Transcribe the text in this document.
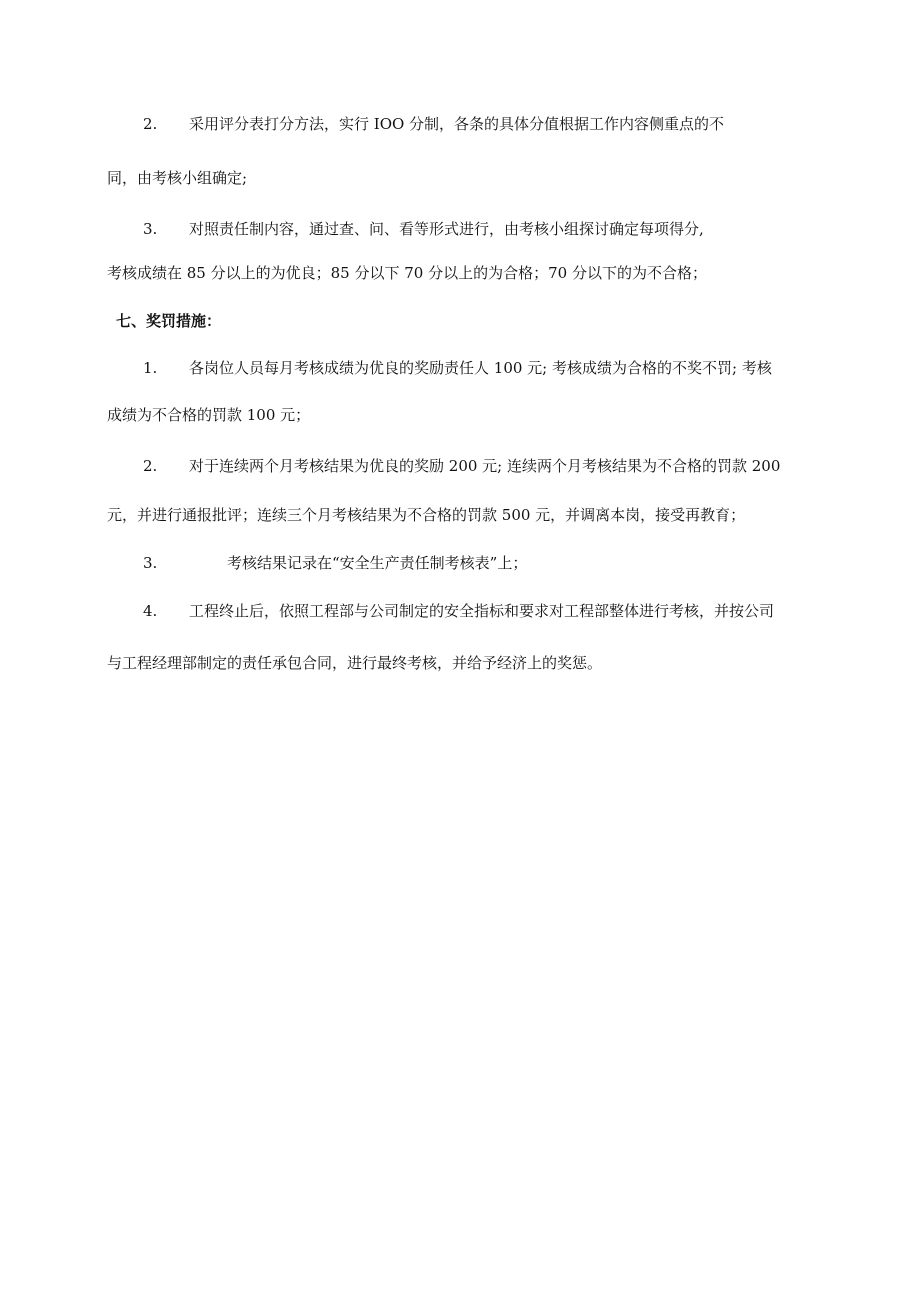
2. 采用评分表打分方法，实行 IOO 分制，各条的具体分值根据工作内容侧重点的不
同，由考核小组确定;
3. 对照责任制内容，通过查、问、看等形式进行，由考核小组探讨确定每项得分,
考核成绩在 85 分以上的为优良；85 分以下 70 分以上的为合格；70 分以下的为不合格；
七、奖罚措施：
1. 各岗位人员每月考核成绩为优良的奖励责任人 100 元; 考核成绩为合格的不奖不罚; 考核
成绩为不合格的罚款 100 元；
2. 对于连续两个月考核结果为优良的奖励 200 元; 连续两个月考核结果为不合格的罚款 200
元，并进行通报批评；连续三个月考核结果为不合格的罚款 500 元，并调离本岗，接受再教育；
3.	考核结果记录在“安全生产责任制考核表”上；
4. 工程终止后，依照工程部与公司制定的安全指标和要求对工程部整体进行考核，并按公司
与工程经理部制定的责任承包合同，进行最终考核，并给予经济上的奖惩。
